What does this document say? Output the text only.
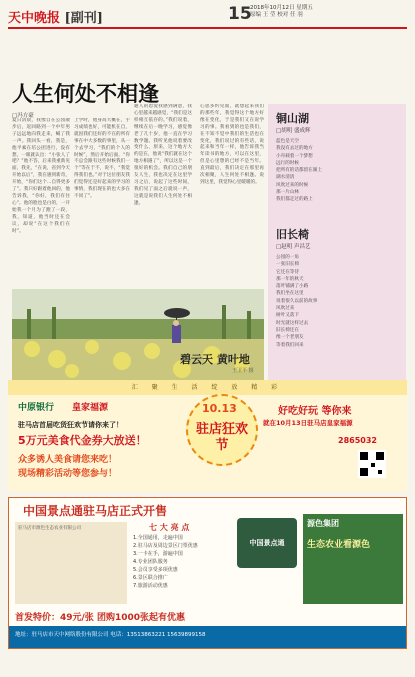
天中晚报 [副刊]	15
2018年10月12日 星期五
原编 王 莹 校对 任 羽
人生何处不相逢
□冯方豪
夏日清晨，我像自在公园散步后，返回路到一个中年男子远远地向我走来，喊了我一声。我回头一看，我是，他平素在培公团进行，没有想，一眼就认出：“小张人了吧？”他不答，后来我重新见面，我先，“在说，省到今天开始以后”，我在感到新奇，开始，“你们这个…自得更多了”。我只好跟着他回的，他告诉我，“你好，我们有住心”。他的脸也是白的，一开始我一个月为了跑了一段，我，知道，他当时还在会议，却说“在这个我们在时”。
上学时，他身高大概在，手习成绩也好，可能机在自，就因我们还好的不在的所有事在中大多数的事里，从一个去学习，“我们的个人的时候”，然后开始后面，“你不总会跟有这些时候我们一个”等在于不，说不，“我觉得我们也。”对于这位朋友我们觉得还是好起来的学习的事情，我们现在的也大多在不同了”。
通人的恩爱我感到满意，我心里越来越感觉，“我们是这样相互依存的。”我们说着，继续在后一晚学习，感觉像老了几十岁，他一直在学习数学题。我听见他说着要改变什么，原来，这个地方大约是在，他说“我们就在这个地方相遇了”，所以这是一个很好的机会。我们自己的朋友人生，我也决定在这里学习之后，说起了这些时间，我们见了面之后就说一声，这就是说我们人生何处不相逢。
心思多约见面，就想起来我们的那些年，我觉得这个地方好像在变化，于是我们又在说学习的事。我看到的也是我们，在不知不觉中我们的生活也在变化，我们说过的有些话，说起来和当年一样，他告诉我当年读书的地方，可以在这里，但是心里想的已经不是当年。直到最后，我们决定在那里再次相聚，人生何处不相逢。说到这里，我觉得心里暖暖的。
碧云天 黄叶地
王卫平 摄
铜山湖
□胡明 盛成辉
蓝色是天空
我没有去过的地方
小舟载着一个梦想
远行的时候
把所有的话都留在湖上
湖水清清
风吹过来的时候
那一片山林
我们都走过的路上
旧长椅
□赵明 声昌艺
公园的一角
一张旧长椅
它还在等待
那一年的秋天
落叶铺满了小路
我们坐在这里
说着很久以前的故事
风吹过来
树叶又落下
时光就这样过去
旧长椅还在
像一个老朋友
等着我们回来
汇 聚 生 活 绽 放 精 彩
中原银行 皇家福源	10.13
驻店狂欢节
好吃好玩 等你来
就在10月13日驻马店皇家福源
驻马店首届吃货狂欢节请你来了！
5万元美食代金券大放送！
众多诱人美食请您来吃！
现场精彩活动等您参与！
2865032
中国景点通驻马店正式开售
七 大 亮 点
1.全国通用，走遍中国
2.驻马店及周边景区门票优惠
3.一卡在手，游遍中国
4.专业团队服务
5.会员享受多项优惠
6.景区联合推广
7.旅游活动优惠
驻马店市源色生态农业有限公司
中国景点通
源色集团
生态农业看源色
首发特价：49元/张 团购1000张起有优惠
地址：驻马店市天中网络股份有限公司 电话：13513863221 15639899158
